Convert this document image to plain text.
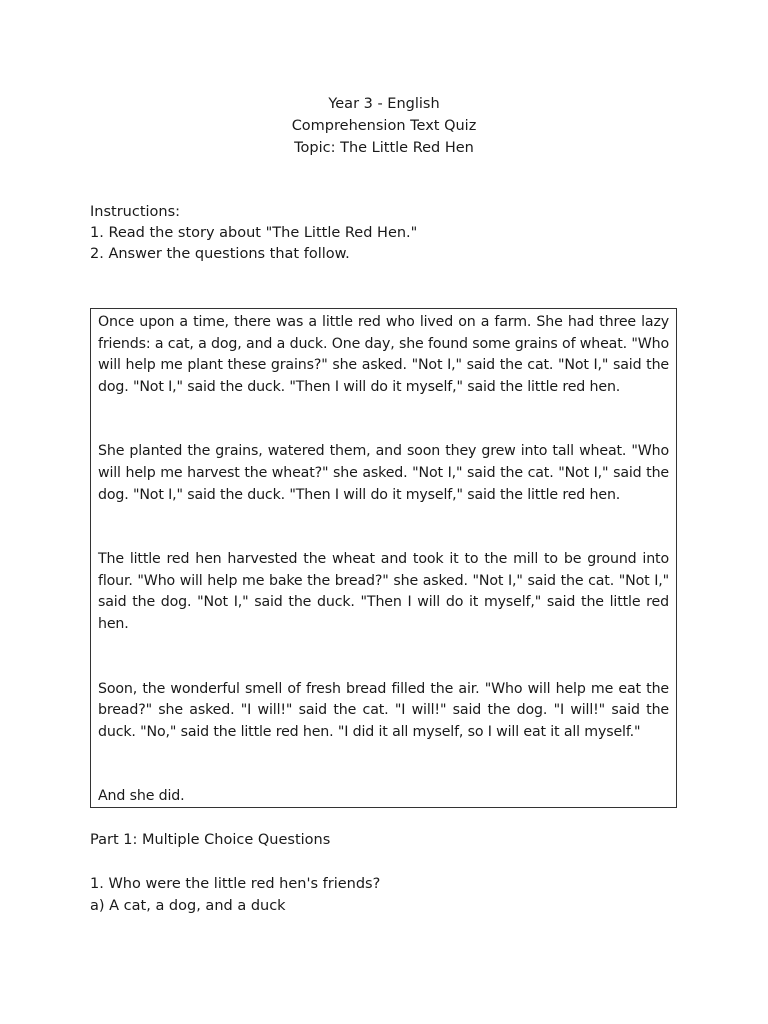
Year 3 - English
Comprehension Text Quiz
Topic: The Little Red Hen
Instructions:
1. Read the story about "The Little Red Hen."
2. Answer the questions that follow.

Once upon a time, there was a little red who lived on a farm. She had three lazy friends: a cat, a dog, and a duck. One day, she found some grains of wheat. "Who will help me plant these grains?" she asked. "Not I," said the cat. "Not I," said the dog. "Not I," said the duck. "Then I will do it myself," said the little red hen.

She planted the grains, watered them, and soon they grew into tall wheat. "Who will help me harvest the wheat?" she asked. "Not I," said the cat. "Not I," said the dog. "Not I," said the duck. "Then I will do it myself," said the little red hen.

The little red hen harvested the wheat and took it to the mill to be ground into flour. "Who will help me bake the bread?" she asked. "Not I," said the cat. "Not I," said the dog. "Not I," said the duck. "Then I will do it myself," said the little red hen.

Soon, the wonderful smell of fresh bread filled the air. "Who will help me eat the bread?" she asked. "I will!" said the cat. "I will!" said the dog. "I will!" said the duck. "No," said the little red hen. "I did it all myself, so I will eat it all myself."

And she did.

Part 1: Multiple Choice Questions
1. Who were the little red hen's friends?
a) A cat, a dog, and a duck
